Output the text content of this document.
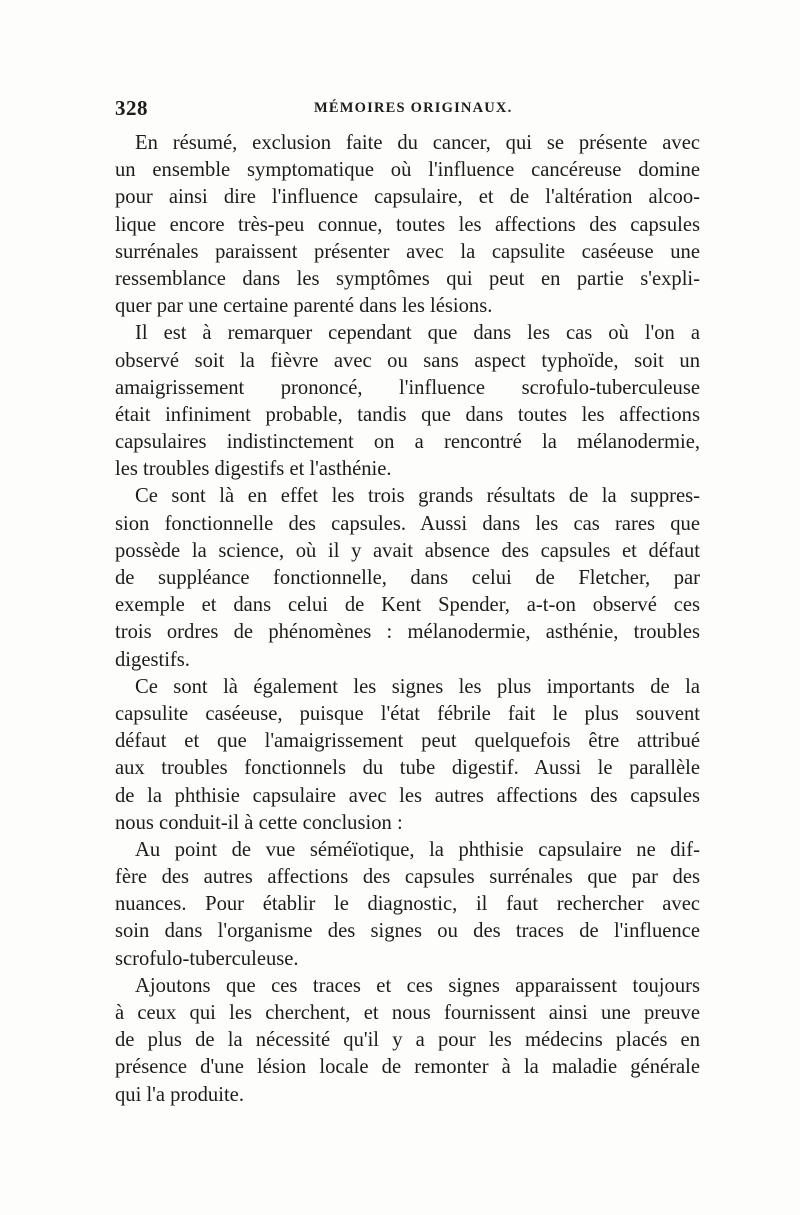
328	MÉMOIRES ORIGINAUX.
En résumé, exclusion faite du cancer, qui se présente avec
un ensemble symptomatique où l'influence cancéreuse domine
pour ainsi dire l'influence capsulaire, et de l'altération alcoo-
lique encore très-peu connue, toutes les affections des capsules
surrénales paraissent présenter avec la capsulite caséeuse une
ressemblance dans les symptômes qui peut en partie s'expli-
quer par une certaine parenté dans les lésions.
Il est à remarquer cependant que dans les cas où l'on a
observé soit la fièvre avec ou sans aspect typhoïde, soit un
amaigrissement prononcé, l'influence scrofulo-tuberculeuse
était infiniment probable, tandis que dans toutes les affections
capsulaires indistinctement on a rencontré la mélanodermie,
les troubles digestifs et l'asthénie.
Ce sont là en effet les trois grands résultats de la suppres-
sion fonctionnelle des capsules. Aussi dans les cas rares que
possède la science, où il y avait absence des capsules et défaut
de suppléance fonctionnelle, dans celui de Fletcher, par
exemple et dans celui de Kent Spender, a-t-on observé ces
trois ordres de phénomènes : mélanodermie, asthénie, troubles
digestifs.
Ce sont là également les signes les plus importants de la
capsulite caséeuse, puisque l'état fébrile fait le plus souvent
défaut et que l'amaigrissement peut quelquefois être attribué
aux troubles fonctionnels du tube digestif. Aussi le parallèle
de la phthisie capsulaire avec les autres affections des capsules
nous conduit-il à cette conclusion :
Au point de vue séméïotique, la phthisie capsulaire ne dif-
fère des autres affections des capsules surrénales que par des
nuances. Pour établir le diagnostic, il faut rechercher avec
soin dans l'organisme des signes ou des traces de l'influence
scrofulo-tuberculeuse.
Ajoutons que ces traces et ces signes apparaissent toujours
à ceux qui les cherchent, et nous fournissent ainsi une preuve
de plus de la nécessité qu'il y a pour les médecins placés en
présence d'une lésion locale de remonter à la maladie générale
qui l'a produite.
